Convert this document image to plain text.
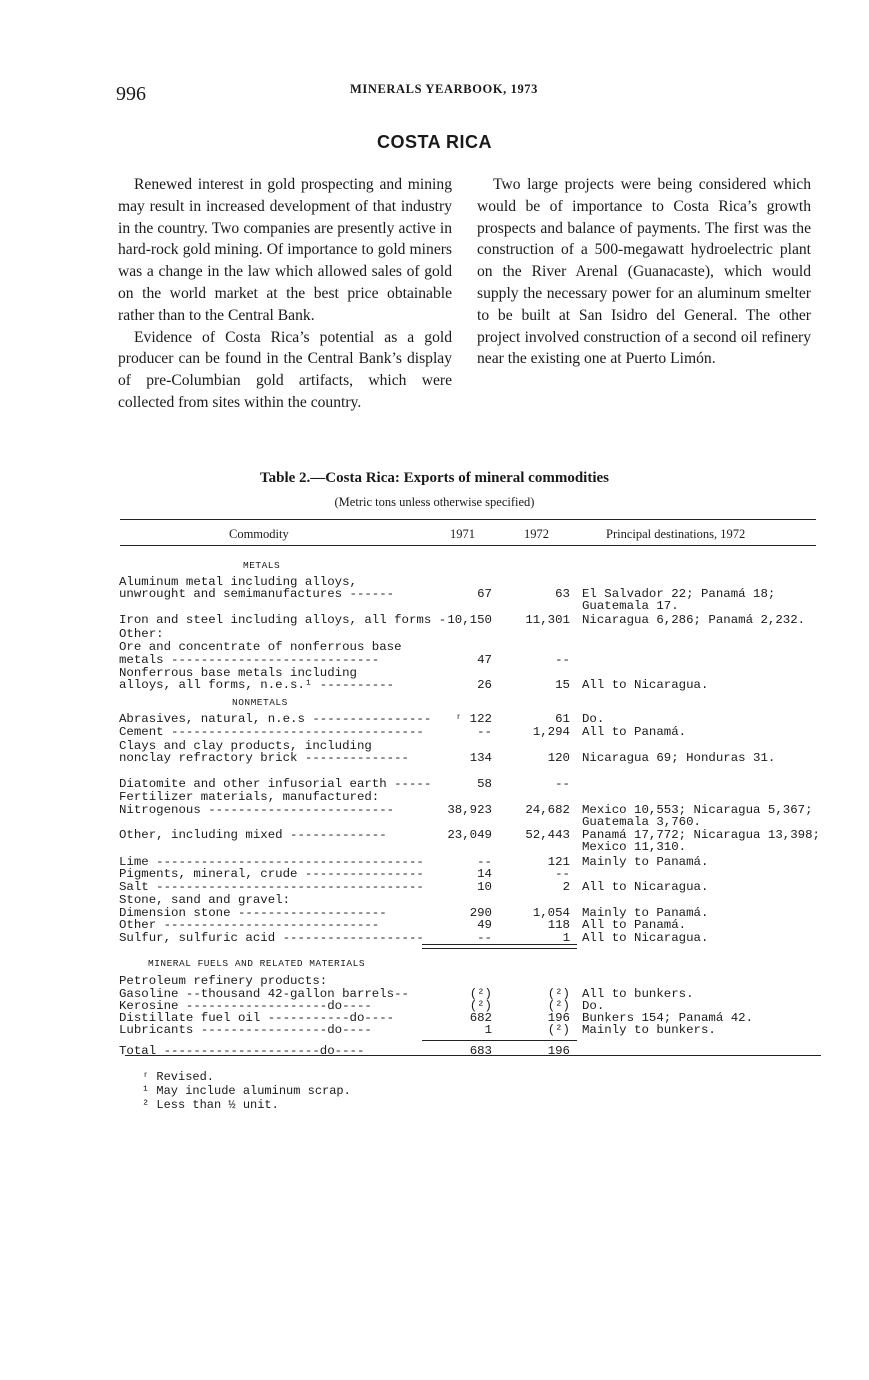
996	MINERALS YEARBOOK, 1973
COSTA RICA

Renewed interest in gold prospecting and mining may result in increased development of that industry in the country. Two companies are presently active in hard-rock gold mining. Of importance to gold miners was a change in the law which allowed sales of gold on the world market at the best price obtainable rather than to the Central Bank.

Evidence of Costa Rica’s potential as a gold producer can be found in the Central Bank’s display of pre-Columbian gold artifacts, which were collected from sites within the country.

Two large projects were being considered which would be of importance to Costa Rica’s growth prospects and balance of payments. The first was the construction of a 500-megawatt hydroelectric plant on the River Arenal (Guanacaste), which would supply the necessary power for an aluminum smelter to be built at San Isidro del General. The other project involved construction of a second oil refinery near the existing one at Puerto Limón.

Table 2.—Costa Rica: Exports of mineral commodities
(Metric tons unless otherwise specified)
Commodity	1971	1972	Principal destinations, 1972
METALS
NONMETALS
MINERAL FUELS AND RELATED MATERIALS
Aluminum metal including alloys,
unwrought and semimanufactures ------	67	63 El Salvador 22; Panamá 18;
Guatemala 17.
Iron and steel including alloys, all forms - 10,150	11,301 Nicaragua 6,286; Panamá 2,232.
Other:
Ore and concentrate of nonferrous base
metals ----------------------------	47	--
Nonferrous base metals including
alloys, all forms, n.e.s.¹ ----------	26	15 All to Nicaragua.
Abrasives, natural, n.e.s ----------------	ʳ 122	61 Do.
Cement ----------------------------------	--	1,294 All to Panamá.
Clays and clay products, including
nonclay refractory brick --------------	134	120 Nicaragua 69; Honduras 31.
Diatomite and other infusorial earth -----	58	--
Fertilizer materials, manufactured:
Nitrogenous -------------------------	38,923	24,682 Mexico 10,553; Nicaragua 5,367;
Guatemala 3,760.
Other, including mixed -------------	23,049	52,443 Panamá 17,772; Nicaragua 13,398;
Mexico 11,310.
Lime ------------------------------------	--	121 Mainly to Panamá.
Pigments, mineral, crude ----------------	14	--
Salt ------------------------------------	10	2 All to Nicaragua.
Stone, sand and gravel:
Dimension stone --------------------	290	1,054 Mainly to Panamá.
Other -----------------------------	49	118 All to Panamá.
Sulfur, sulfuric acid -------------------	--	1 All to Nicaragua.
Petroleum refinery products:
Gasoline --thousand 42-gallon barrels--	(²)	(²) All to bunkers.
Kerosine -------------------do----	(²)	(²) Do.
Distillate fuel oil -----------do----	682	196 Bunkers 154; Panamá 42.
Lubricants -----------------do----	1	(²) Mainly to bunkers.
Total ---------------------do----	683	196
ʳ Revised.
¹ May include aluminum scrap.
² Less than ½ unit.
